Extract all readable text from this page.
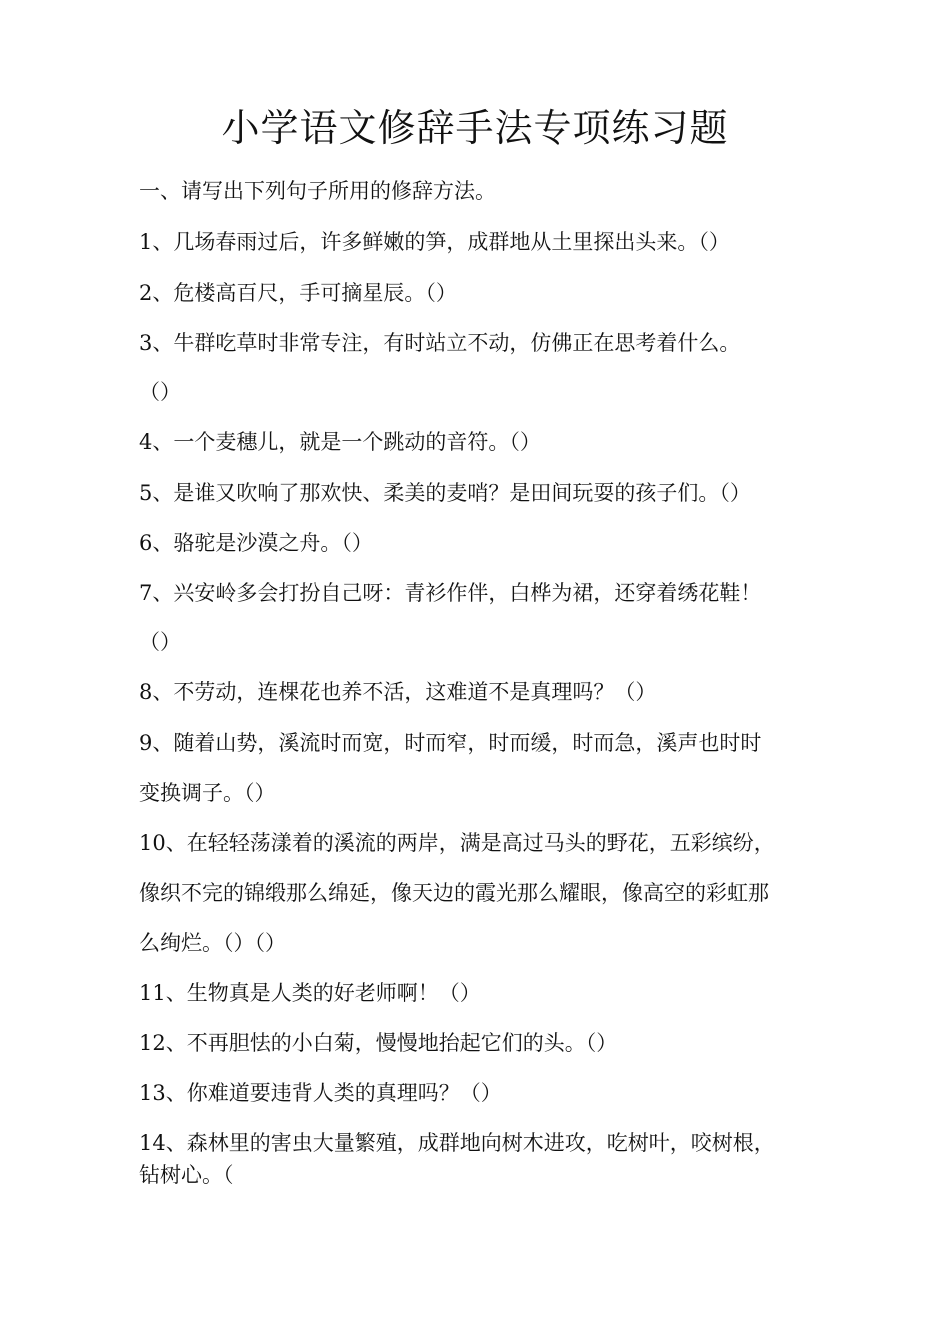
小学语文修辞手法专项练习题

一、请写出下列句子所用的修辞方法。

1、几场春雨过后，许多鲜嫩的笋，成群地从土里探出头来。（）

2、危楼高百尺，手可摘星辰。（）

3、牛群吃草时非常专注，有时站立不动，仿佛正在思考着什么。

（）

4、一个麦穗儿，就是一个跳动的音符。（）

5、是谁又吹响了那欢快、柔美的麦哨？是田间玩耍的孩子们。（）

6、骆驼是沙漠之舟。（）

7、兴安岭多会打扮自己呀：青衫作伴，白桦为裙，还穿着绣花鞋！

（）

8、不劳动，连棵花也养不活，这难道不是真理吗？（）

9、随着山势，溪流时而宽，时而窄，时而缓，时而急，溪声也时时

变换调子。（）

10、在轻轻荡漾着的溪流的两岸，满是高过马头的野花，五彩缤纷，

像织不完的锦缎那么绵延，像天边的霞光那么耀眼，像高空的彩虹那

么绚烂。（）（）

11、生物真是人类的好老师啊！（）

12、不再胆怯的小白菊，慢慢地抬起它们的头。（）

13、你难道要违背人类的真理吗？（）

14、森林里的害虫大量繁殖，成群地向树木进攻，吃树叶，咬树根，

钻树心。（
